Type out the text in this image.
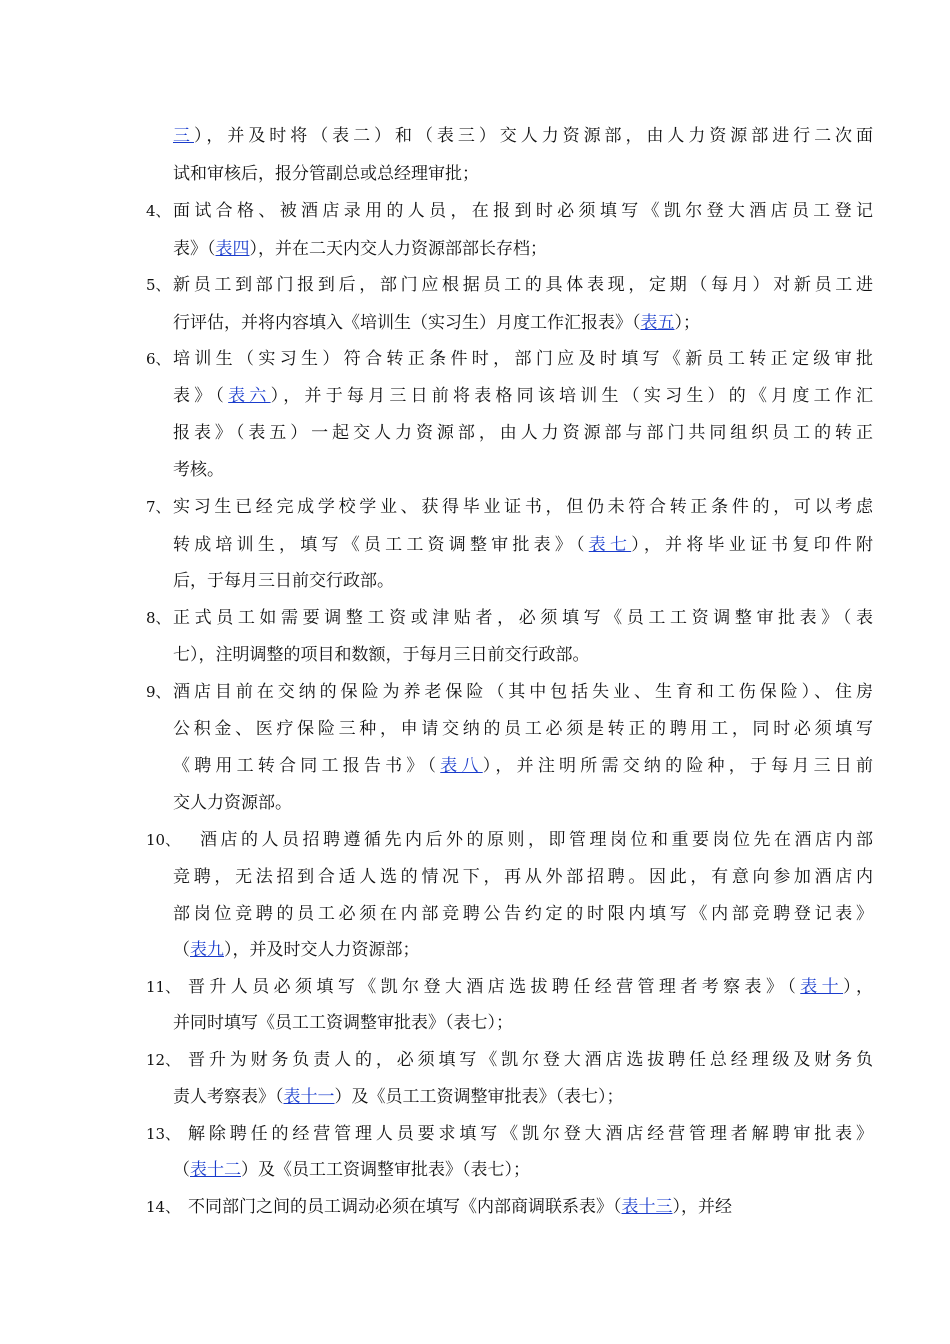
三），并及时将（表二）和（表三）交人力资源部，由人力资源部进行二次面
试和审核后，报分管副总或总经理审批；
4、 面试合格、被酒店录用的人员，在报到时必须填写《凯尔登大酒店员工登记
表》（表四），并在二天内交人力资源部部长存档；
5、 新员工到部门报到后，部门应根据员工的具体表现，定期（每月）对新员工进
行评估，并将内容填入《培训生（实习生）月度工作汇报表》（表五）；
6、 培训生（实习生）符合转正条件时，部门应及时填写《新员工转正定级审批
表》（表六），并于每月三日前将表格同该培训生（实习生）的《月度工作汇
报表》（表五）一起交人力资源部，由人力资源部与部门共同组织员工的转正
考核。
7、 实习生已经完成学校学业、获得毕业证书，但仍未符合转正条件的，可以考虑
转成培训生，填写《员工工资调整审批表》（表七），并将毕业证书复印件附
后，于每月三日前交行政部。
8、 正式员工如需要调整工资或津贴者，必须填写《员工工资调整审批表》（表
七），注明调整的项目和数额，于每月三日前交行政部。
9、 酒店目前在交纳的保险为养老保险（其中包括失业、生育和工伤保险）、住房
公积金、医疗保险三种，申请交纳的员工必须是转正的聘用工，同时必须填写
《聘用工转合同工报告书》（表八），并注明所需交纳的险种，于每月三日前
交人力资源部。
10、 酒店的人员招聘遵循先内后外的原则，即管理岗位和重要岗位先在酒店内部
竞聘，无法招到合适人选的情况下，再从外部招聘。因此，有意向参加酒店内
部岗位竞聘的员工必须在内部竞聘公告约定的时限内填写《内部竞聘登记表》
（表九），并及时交人力资源部；
11、 晋升人员必须填写《凯尔登大酒店选拔聘任经营管理者考察表》（表十），
并同时填写《员工工资调整审批表》（表七）；
12、 晋升为财务负责人的，必须填写《凯尔登大酒店选拔聘任总经理级及财务负
责人考察表》（表十一）及《员工工资调整审批表》（表七）；
13、 解除聘任的经营管理人员要求填写《凯尔登大酒店经营管理者解聘审批表》
（表十二）及《员工工资调整审批表》（表七）；
14、 不同部门之间的员工调动必须在填写《内部商调联系表》（表十三），并经
